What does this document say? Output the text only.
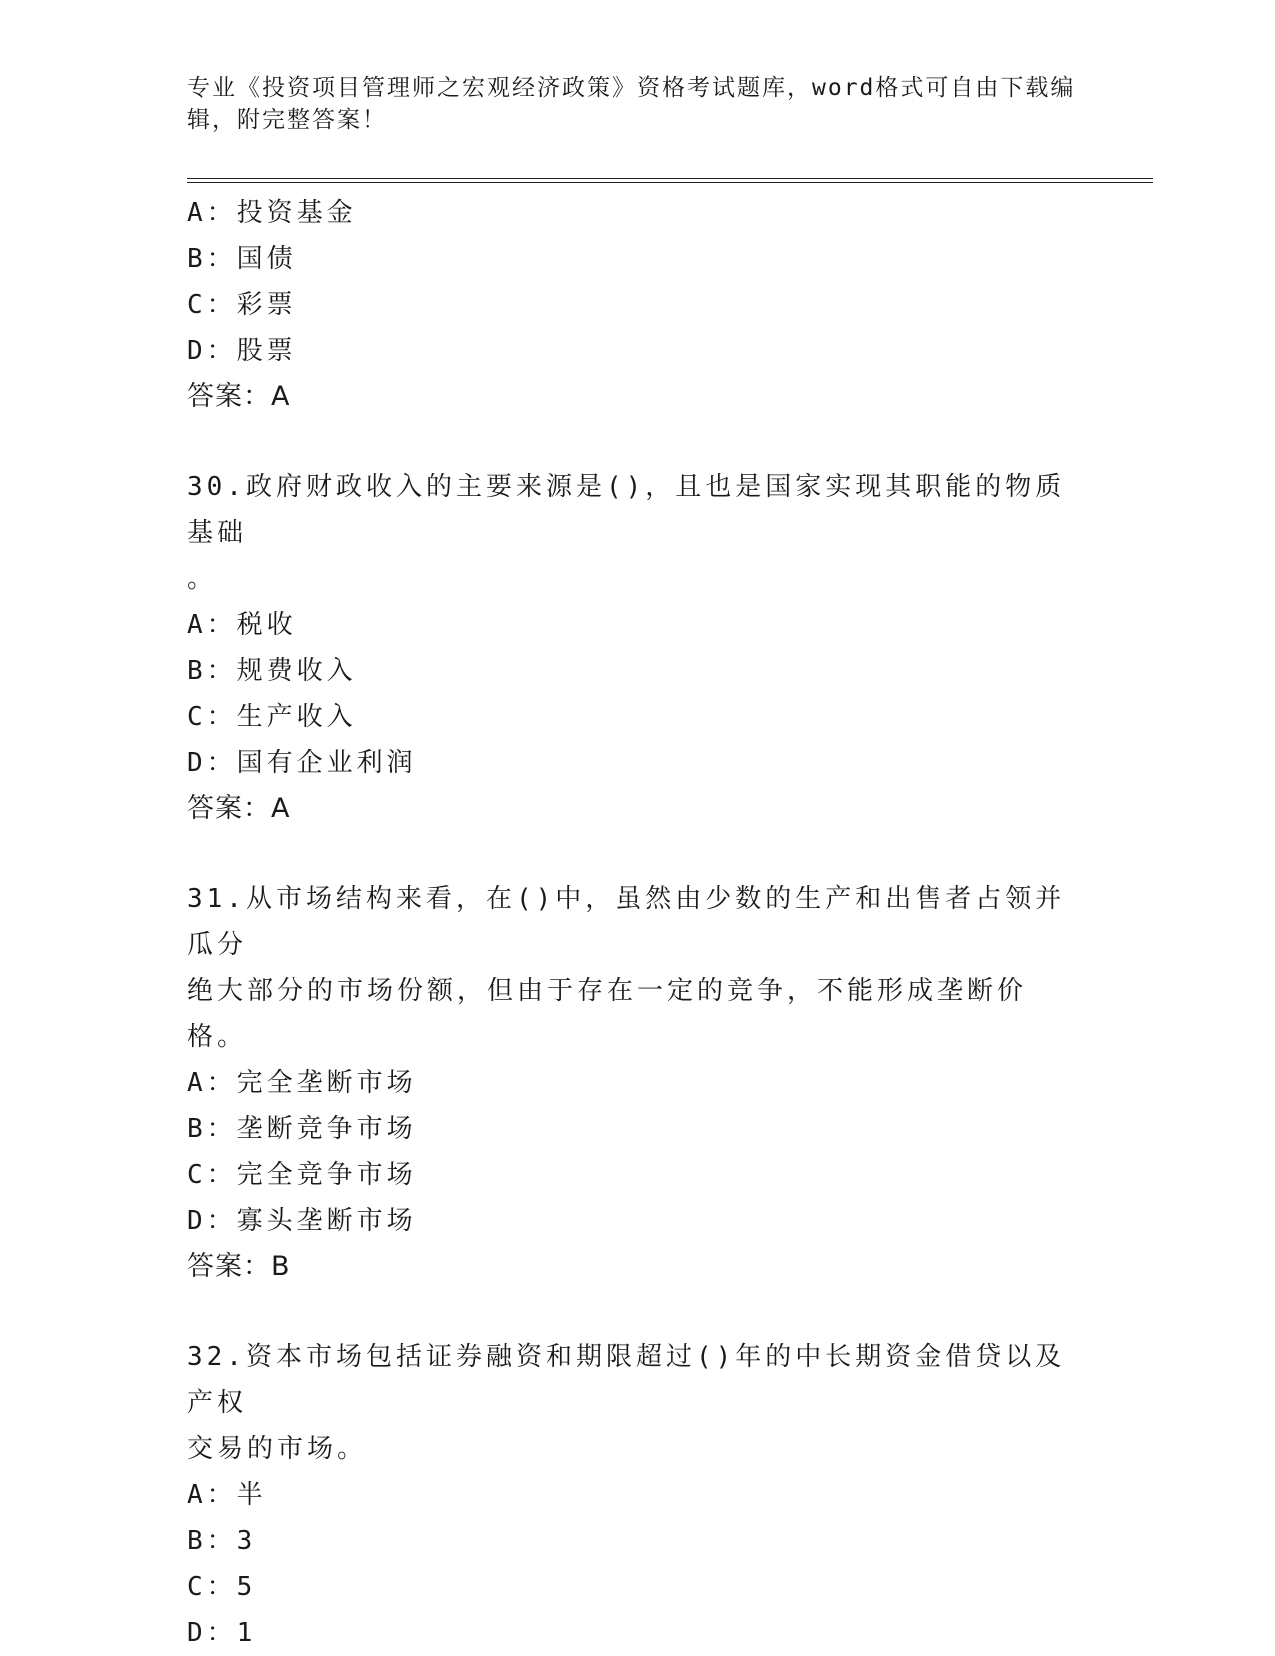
专业《投资项目管理师之宏观经济政策》资格考试题库，word格式可自由下载编
辑，附完整答案！
A：投资基金
B：国债
C：彩票
D：股票
答案：A
30.政府财政收入的主要来源是()，且也是国家实现其职能的物质基础
。
A：税收
B：规费收入
C：生产收入
D：国有企业利润
答案：A
31.从市场结构来看，在()中，虽然由少数的生产和出售者占领并瓜分
绝大部分的市场份额，但由于存在一定的竞争，不能形成垄断价格。
A：完全垄断市场
B：垄断竞争市场
C：完全竞争市场
D：寡头垄断市场
答案：B
32.资本市场包括证券融资和期限超过()年的中长期资金借贷以及产权
交易的市场。
A：半
B：3
C：5
D：1
